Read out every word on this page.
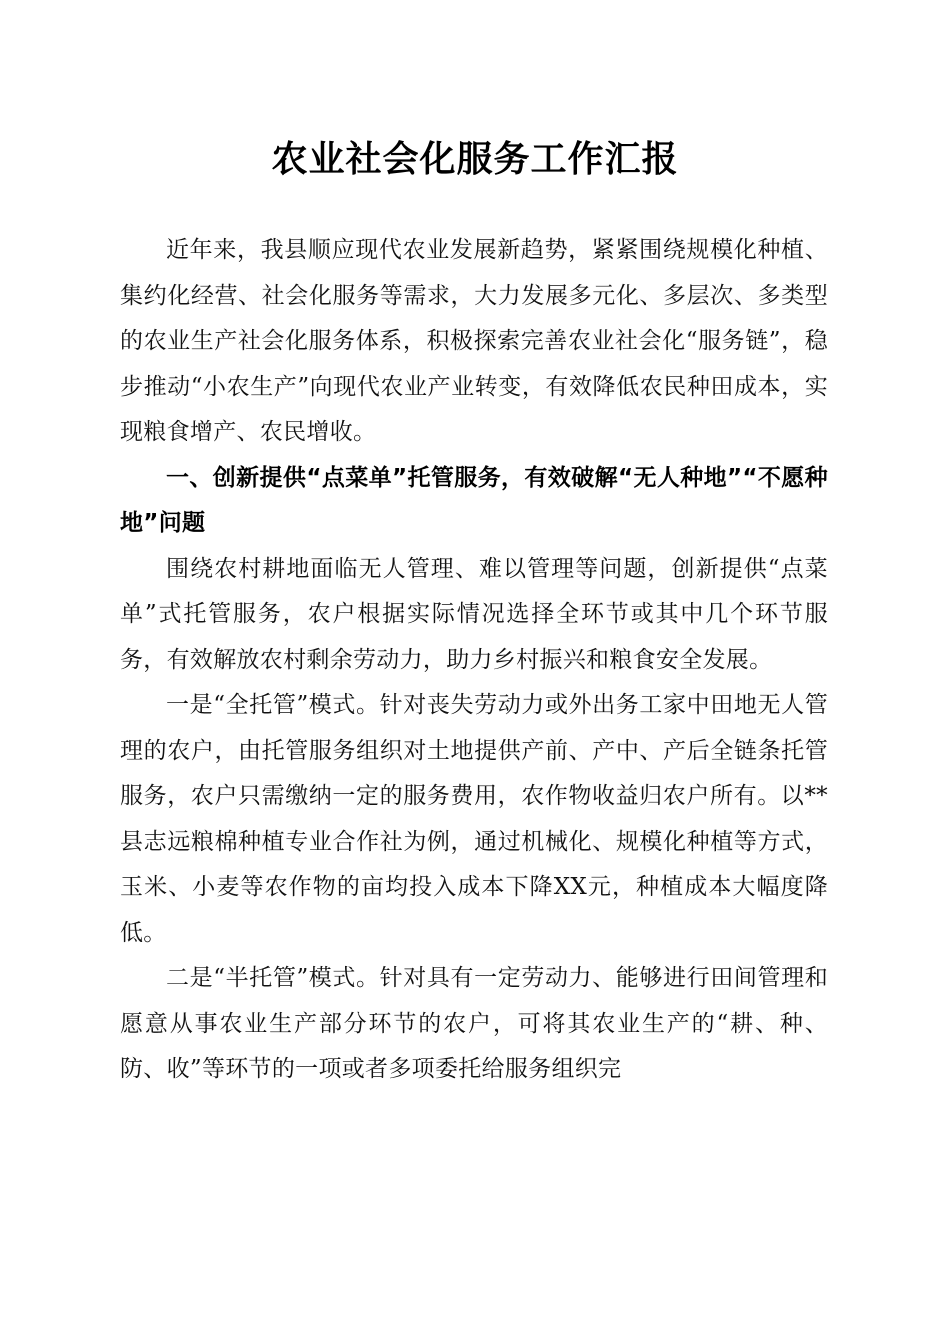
农业社会化服务工作汇报

近年来，我县顺应现代农业发展新趋势，紧紧围绕规模化种植、集约化经营、社会化服务等需求，大力发展多元化、多层次、多类型的农业生产社会化服务体系，积极探索完善农业社会化“服务链”，稳步推动“小农生产”向现代农业产业转变，有效降低农民种田成本，实现粮食增产、农民增收。

一、创新提供“点菜单”托管服务，有效破解“无人种地”“不愿种地”问题

围绕农村耕地面临无人管理、难以管理等问题，创新提供“点菜单”式托管服务，农户根据实际情况选择全环节或其中几个环节服务，有效解放农村剩余劳动力，助力乡村振兴和粮食安全发展。

一是“全托管”模式。针对丧失劳动力或外出务工家中田地无人管理的农户，由托管服务组织对土地提供产前、产中、产后全链条托管服务，农户只需缴纳一定的服务费用，农作物收益归农户所有。以**县志远粮棉种植专业合作社为例，通过机械化、规模化种植等方式，玉米、小麦等农作物的亩均投入成本下降XX元，种植成本大幅度降低。

二是“半托管”模式。针对具有一定劳动力、能够进行田间管理和愿意从事农业生产部分环节的农户，可将其农业生产的“耕、种、防、收”等环节的一项或者多项委托给服务组织完
